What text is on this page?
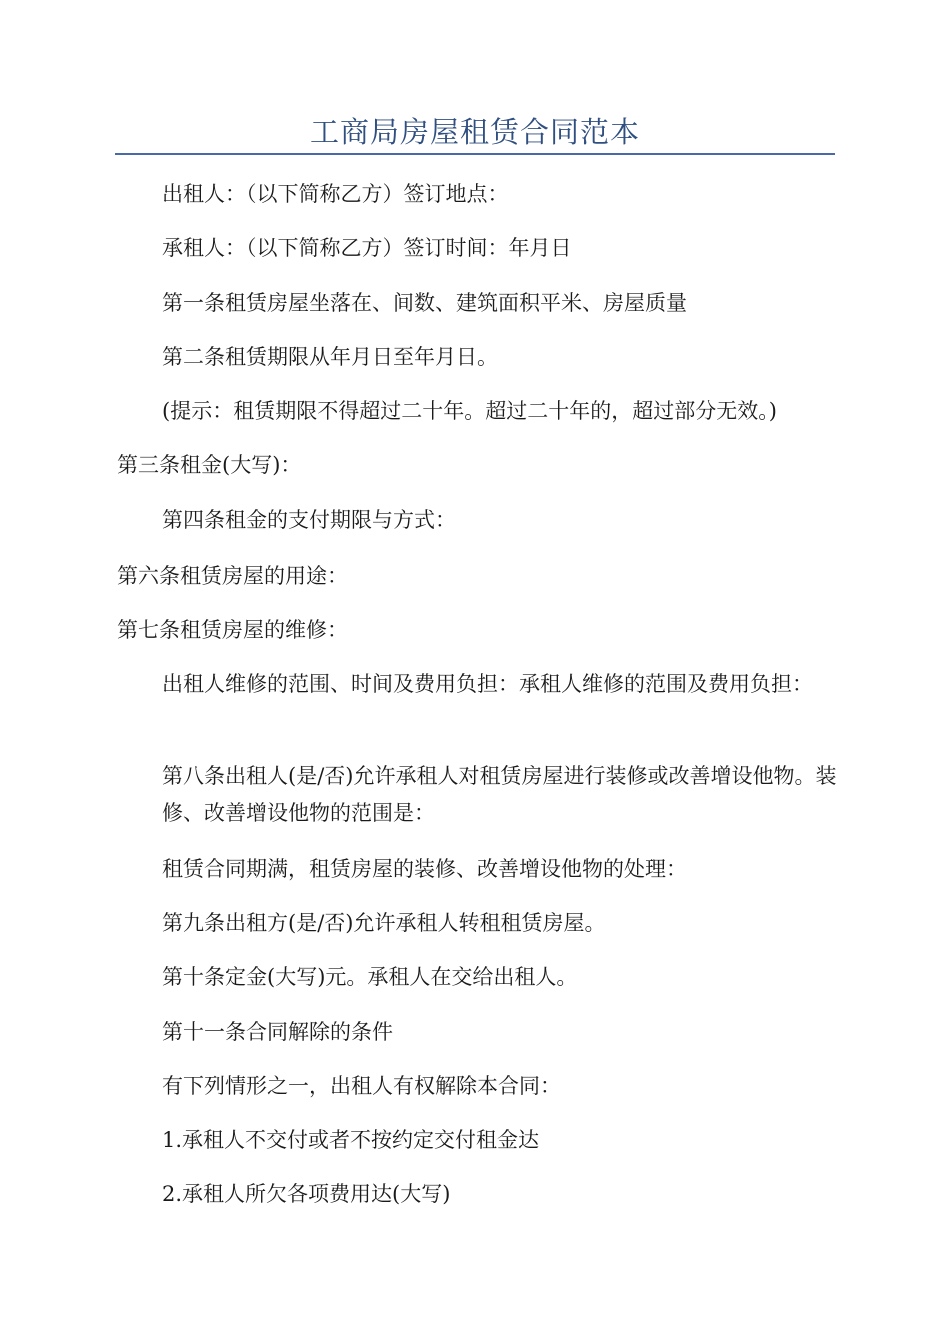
工商局房屋租赁合同范本
出租人：（以下简称乙方）签订地点：
承租人：（以下简称乙方）签订时间：年月日
第一条租赁房屋坐落在、间数、建筑面积平米、房屋质量
第二条租赁期限从年月日至年月日。
(提示：租赁期限不得超过二十年。超过二十年的，超过部分无效。)
第三条租金(大写)：
第四条租金的支付期限与方式：
第六条租赁房屋的用途：
第七条租赁房屋的维修：
出租人维修的范围、时间及费用负担：承租人维修的范围及费用负担：
第八条出租人(是/否)允许承租人对租赁房屋进行装修或改善增设他物。装修、改善增设他物的范围是：
租赁合同期满，租赁房屋的装修、改善增设他物的处理：
第九条出租方(是/否)允许承租人转租租赁房屋。
第十条定金(大写)元。承租人在交给出租人。
第十一条合同解除的条件
有下列情形之一，出租人有权解除本合同：
1.承租人不交付或者不按约定交付租金达
2.承租人所欠各项费用达(大写)
